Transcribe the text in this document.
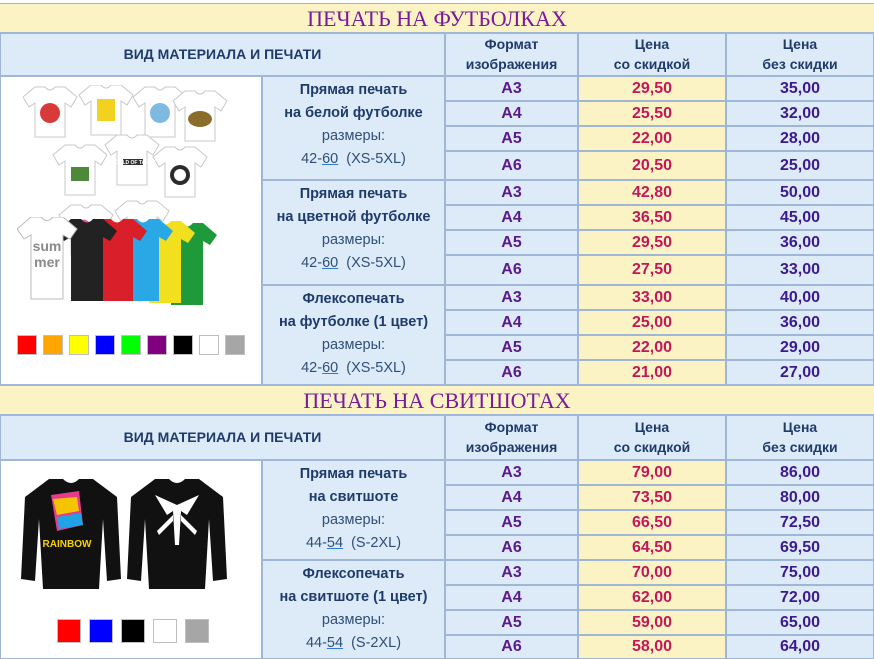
ПЕЧАТЬ НА ФУТБОЛКАХ
ВИД МАТЕРИАЛА И ПЕЧАТИ
Формат
изображения
Цена
со скидкой
Цена
без скидки
WORLD OF TANKS
sum
mer
Прямая печать
на белой футболке
размеры:
42-60  (XS-5XL)
Прямая печать
на цветной футболке
размеры:
42-60  (XS-5XL)
Флексопечать
на футболке (1 цвет)
размеры:
42-60  (XS-5XL)
A3	29,50	35,00
A4	25,50	32,00
A5	22,00	28,00
A6	20,50	25,00
A3	42,80	50,00
A4	36,50	45,00
A5	29,50	36,00
A6	27,50	33,00
A3	33,00	40,00
A4	25,00	36,00
A5	22,00	29,00
A6	21,00	27,00
ПЕЧАТЬ НА СВИТШОТАХ
ВИД МАТЕРИАЛА И ПЕЧАТИ
Формат
изображения
Цена
со скидкой
Цена
без скидки
RAINBOW
Прямая печать
на свитшоте
размеры:
44-54  (S-2XL)
Флексопечать
на свитшоте (1 цвет)
размеры:
44-54  (S-2XL)
A3	79,00	86,00
A4	73,50	80,00
A5	66,50	72,50
A6	64,50	69,50
A3	70,00	75,00
A4	62,00	72,00
A5	59,00	65,00
A6	58,00	64,00
